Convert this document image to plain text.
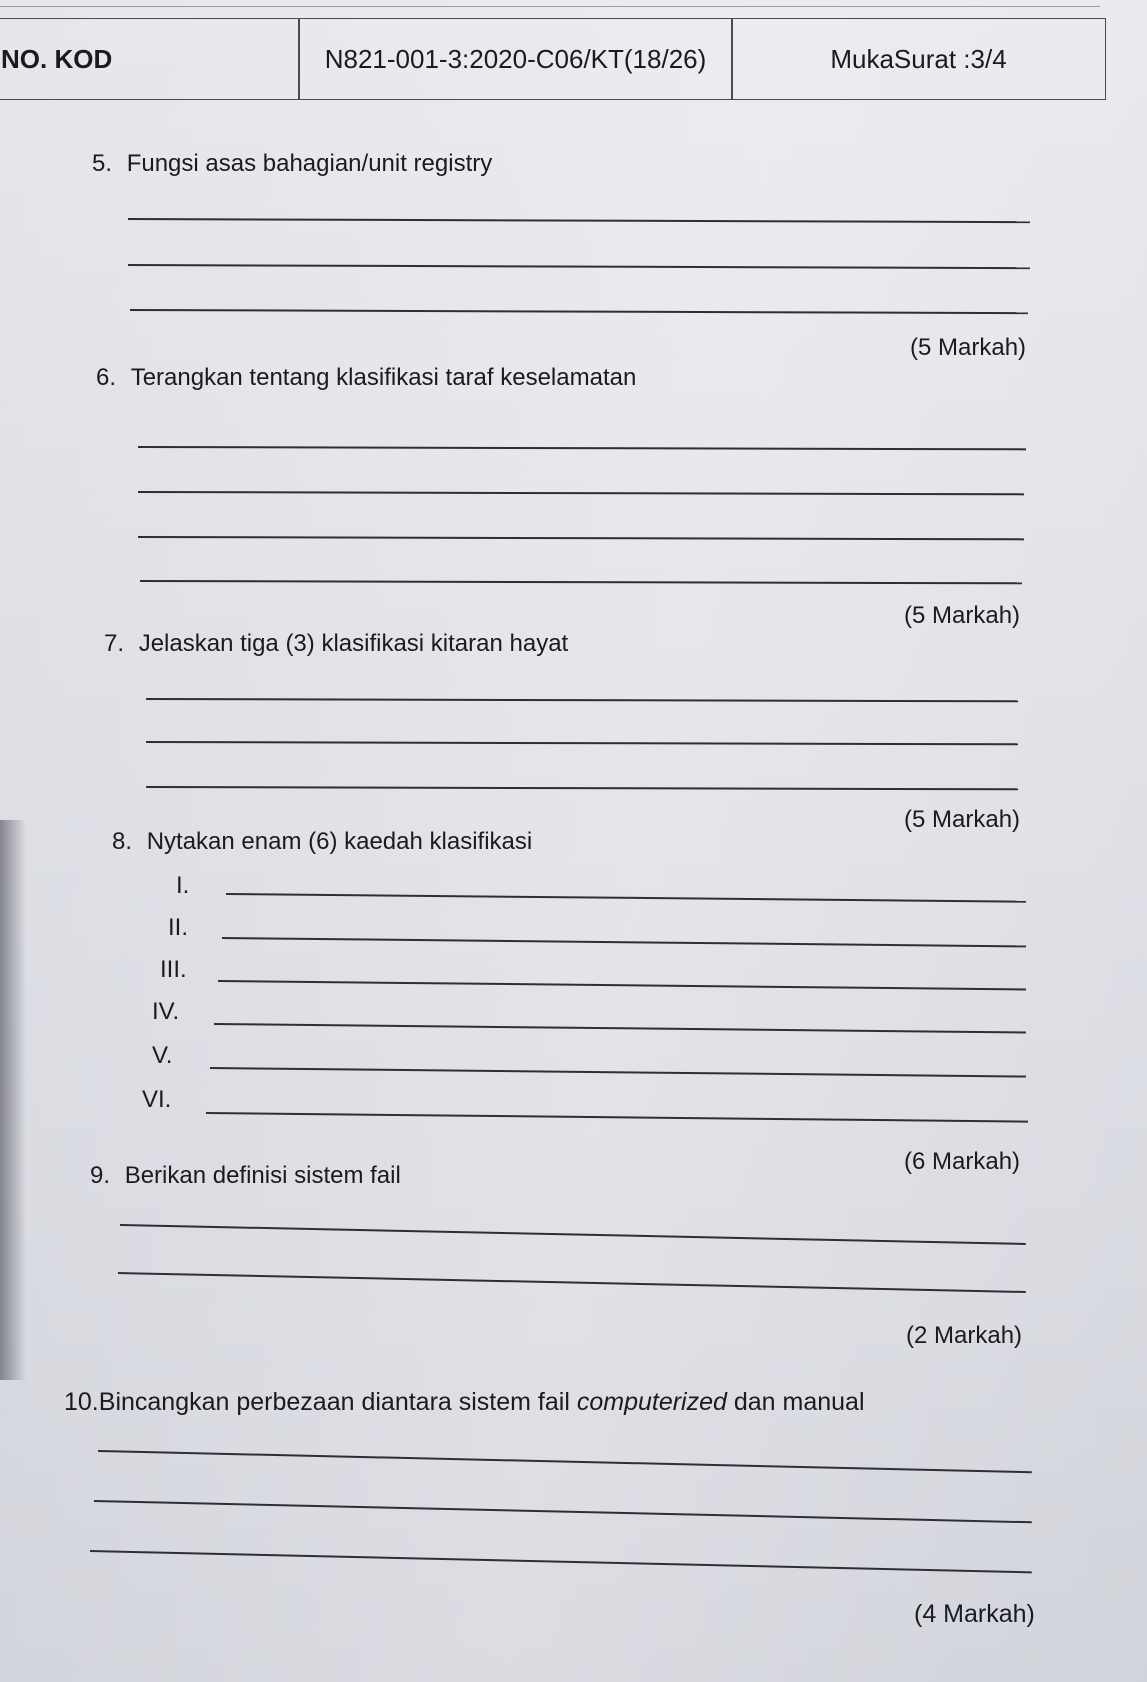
NO. KOD	N821-001-3:2020-C06/KT(18/26)	MukaSurat :3/4
5. Fungsi asas bahagian/unit registry
(5 Markah)
6. Terangkan tentang klasifikasi taraf keselamatan
(5 Markah)
7. Jelaskan tiga (3) klasifikasi kitaran hayat
(5 Markah)
8. Nytakan enam (6) kaedah klasifikasi
I.
II.
III.
IV.
V.
VI.
(6 Markah)
9. Berikan definisi sistem fail
(2 Markah)
10.Bincangkan perbezaan diantara sistem fail computerized dan manual
(4 Markah)
